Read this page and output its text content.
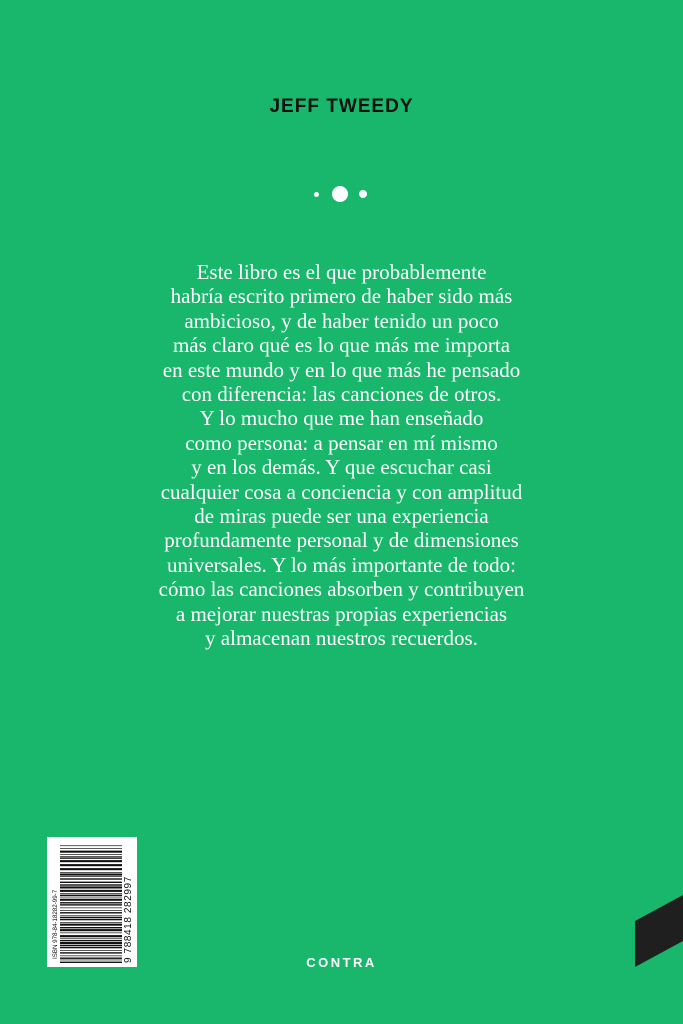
JEFF TWEEDY
Este libro es el que probablemente
habría escrito primero de haber sido más
ambicioso, y de haber tenido un poco
más claro qué es lo que más me importa
en este mundo y en lo que más he pensado
con diferencia: las canciones de otros.
Y lo mucho que me han enseñado
como persona: a pensar en mí mismo
y en los demás. Y que escuchar casi
cualquier cosa a conciencia y con amplitud
de miras puede ser una experiencia
profundamente personal y de dimensiones
universales. Y lo más importante de todo:
cómo las canciones absorben y contribuyen
a mejorar nuestras propias experiencias
y almacenan nuestros recuerdos.
ISBN 978-84-18282-99-7	9 788418 282997	CONTRA
